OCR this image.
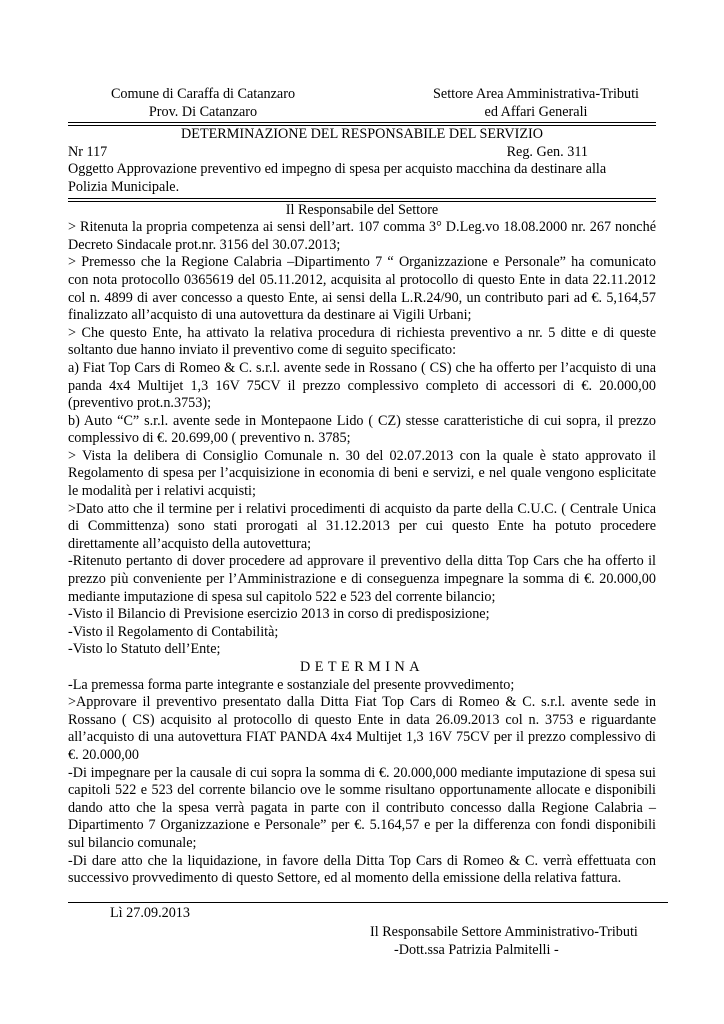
Comune di Caraffa di Catanzaro
Prov. Di Catanzaro
Settore Area Amministrativa-Tributi
ed Affari Generali
DETERMINAZIONE DEL RESPONSABILE DEL SERVIZIO
Nr 117	Reg. Gen. 311
Oggetto Approvazione preventivo ed impegno di spesa per acquisto macchina da destinare alla
Polizia Municipale.
Il Responsabile del Settore
> Ritenuta la propria competenza ai sensi dell’art. 107 comma 3° D.Leg.vo 18.08.2000 nr. 267 nonché Decreto Sindacale prot.nr. 3156 del 30.07.2013;
> Premesso che la Regione Calabria –Dipartimento 7 “ Organizzazione e Personale” ha comunicato con nota protocollo 0365619 del 05.11.2012, acquisita al protocollo di questo Ente in data 22.11.2012 col n. 4899 di aver concesso a questo Ente, ai sensi della L.R.24/90, un contributo pari ad €. 5,164,57 finalizzato all’acquisto di una autovettura da destinare ai Vigili Urbani;
> Che questo Ente, ha attivato la relativa procedura di richiesta preventivo a nr. 5 ditte e di queste soltanto due hanno inviato il preventivo come di seguito specificato:
a) Fiat Top Cars di Romeo & C. s.r.l. avente sede in Rossano ( CS) che ha offerto per l’acquisto di una panda 4x4 Multijet 1,3 16V 75CV il prezzo complessivo completo di accessori di €. 20.000,00 (preventivo prot.n.3753);
b) Auto “C” s.r.l. avente sede in Montepaone Lido ( CZ) stesse caratteristiche di cui sopra, il prezzo complessivo di €. 20.699,00 ( preventivo n. 3785;
> Vista la delibera di Consiglio Comunale n. 30 del 02.07.2013 con la quale è stato approvato il Regolamento di spesa per l’acquisizione in economia di beni e servizi, e nel quale vengono esplicitate le modalità per i relativi acquisti;
>Dato atto che il termine per i relativi procedimenti di acquisto da parte della C.U.C. ( Centrale Unica di Committenza) sono stati prorogati al 31.12.2013 per cui questo Ente ha potuto procedere direttamente all’acquisto della autovettura;
-Ritenuto pertanto di dover procedere ad approvare il preventivo della ditta Top Cars che ha offerto il prezzo più conveniente per l’Amministrazione e di conseguenza impegnare la somma di €. 20.000,00 mediante imputazione di spesa sul capitolo 522 e 523 del corrente bilancio;
-Visto il Bilancio di Previsione esercizio 2013 in corso di predisposizione;
-Visto il Regolamento di Contabilità;
-Visto lo Statuto dell’Ente;
DETERMINA
-La premessa forma parte integrante e sostanziale del presente provvedimento;
>Approvare il preventivo presentato dalla Ditta Fiat Top Cars di Romeo & C. s.r.l. avente sede in Rossano ( CS) acquisito al protocollo di questo Ente in data 26.09.2013 col n. 3753 e riguardante all’acquisto di una autovettura FIAT PANDA 4x4 Multijet 1,3 16V 75CV per il prezzo complessivo di €. 20.000,00
-Di impegnare per la causale di cui sopra la somma di €. 20.000,000 mediante imputazione di spesa sui capitoli 522 e 523 del corrente bilancio ove le somme risultano opportunamente allocate e disponibili dando atto che la spesa verrà pagata in parte con il contributo concesso dalla Regione Calabria –Dipartimento 7 Organizzazione e Personale” per €. 5.164,57 e per la differenza con fondi disponibili sul bilancio comunale;
-Di dare atto che la liquidazione, in favore della Ditta Top Cars di Romeo & C. verrà effettuata con successivo provvedimento di questo Settore, ed al momento della emissione della relativa fattura.
Lì 27.09.2013
Il Responsabile Settore Amministrativo-Tributi
-Dott.ssa Patrizia Palmitelli -
